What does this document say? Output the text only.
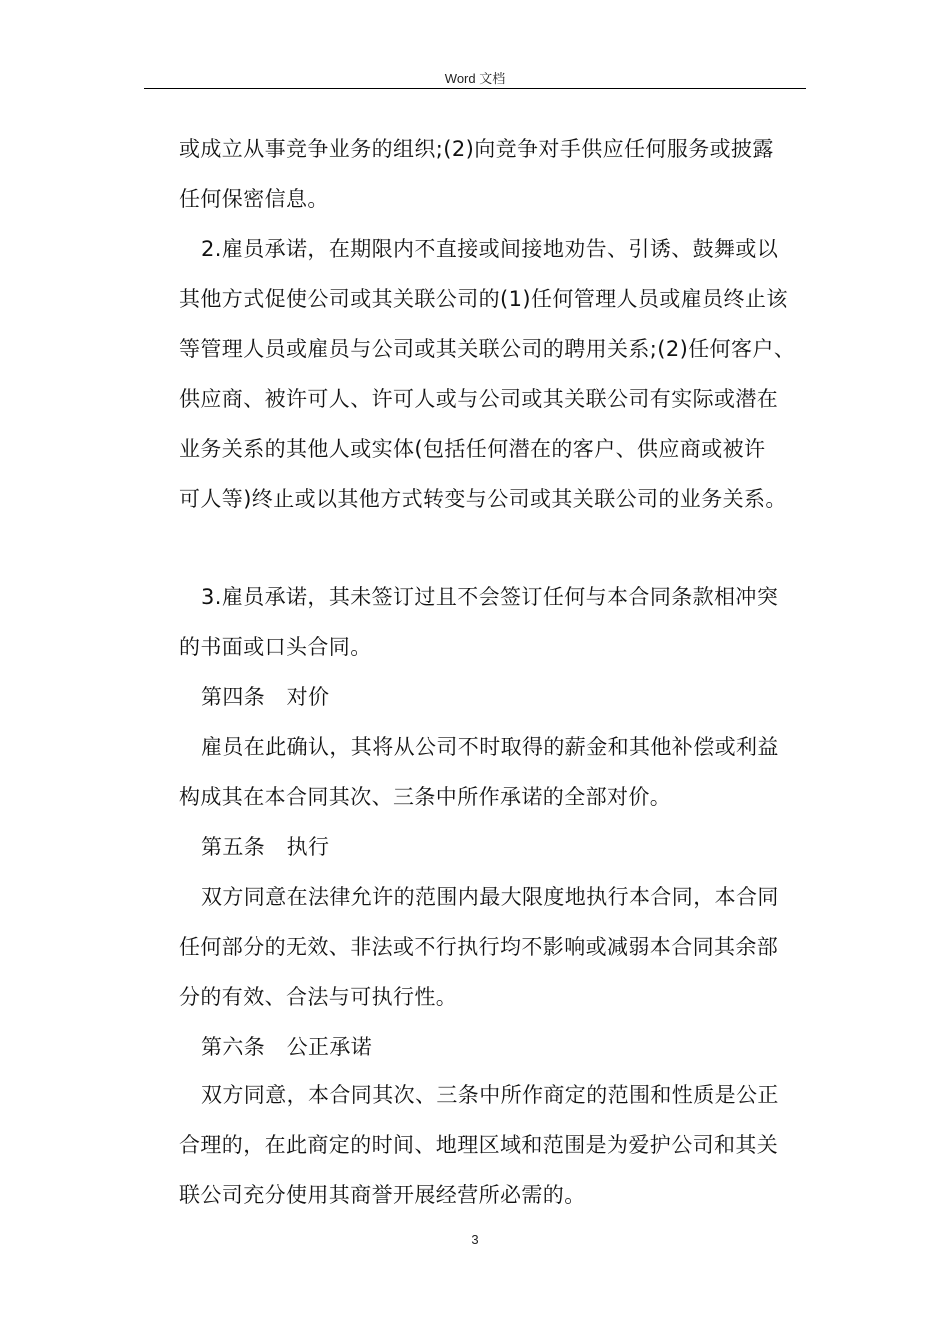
Word 文档
或成立从事竞争业务的组织;(2)向竞争对手供应任何服务或披露
任何保密信息。
2.雇员承诺，在期限内不直接或间接地劝告、引诱、鼓舞或以
其他方式促使公司或其关联公司的(1)任何管理人员或雇员终止该
等管理人员或雇员与公司或其关联公司的聘用关系;(2)任何客户、
供应商、被许可人、许可人或与公司或其关联公司有实际或潜在
业务关系的其他人或实体(包括任何潜在的客户、供应商或被许
可人等)终止或以其他方式转变与公司或其关联公司的业务关系。
3.雇员承诺，其未签订过且不会签订任何与本合同条款相冲突
的书面或口头合同。
第四条　对价
雇员在此确认，其将从公司不时取得的薪金和其他补偿或利益
构成其在本合同其次、三条中所作承诺的全部对价。
第五条　执行
双方同意在法律允许的范围内最大限度地执行本合同，本合同
任何部分的无效、非法或不行执行均不影响或减弱本合同其余部
分的有效、合法与可执行性。
第六条　公正承诺
双方同意，本合同其次、三条中所作商定的范围和性质是公正
合理的，在此商定的时间、地理区域和范围是为爱护公司和其关
联公司充分使用其商誉开展经营所必需的。
3
